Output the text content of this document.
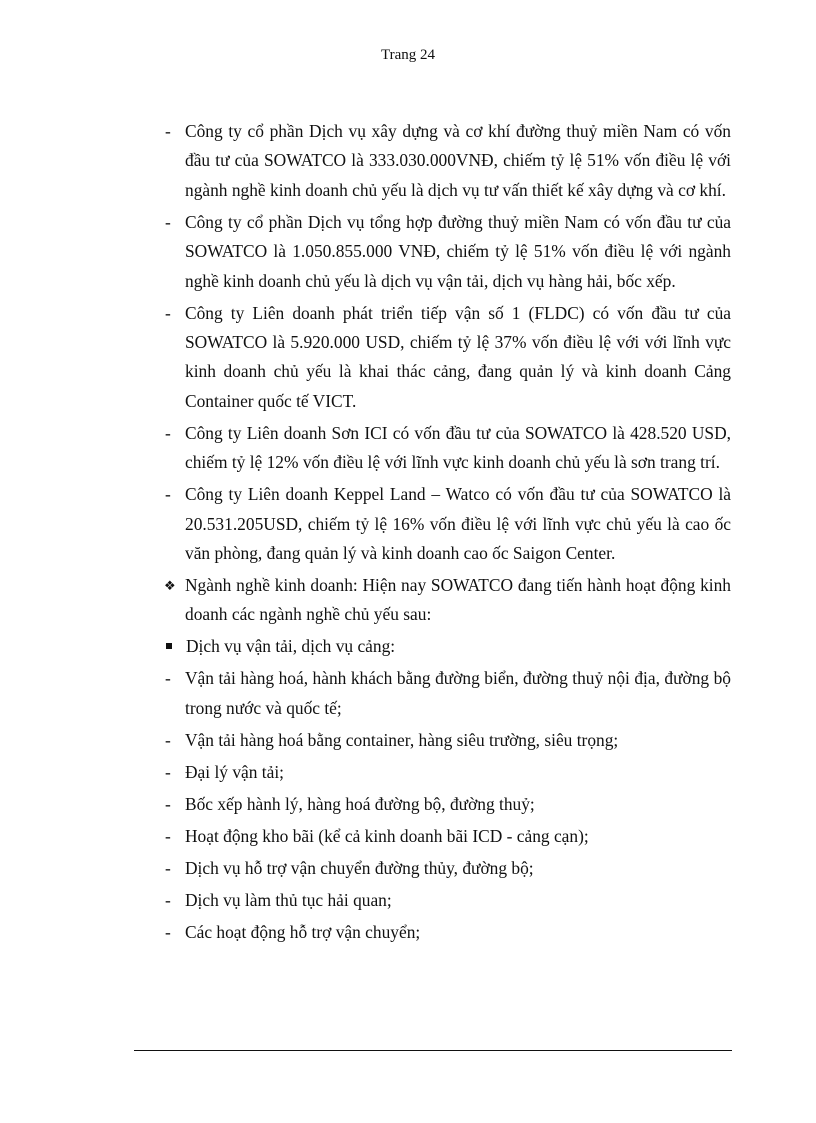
Trang 24
-
Công ty cổ phần Dịch vụ xây dựng và cơ khí đường thuỷ miền Nam có vốn đầu tư của SOWATCO là 333.030.000VNĐ, chiếm tỷ lệ 51% vốn điều lệ với ngành nghề kinh doanh chủ yếu là dịch vụ tư vấn thiết kế xây dựng và cơ khí.
-
Công ty cổ phần Dịch vụ tổng hợp đường thuỷ miền Nam có vốn đầu tư của SOWATCO là 1.050.855.000 VNĐ, chiếm tỷ lệ 51% vốn điều lệ với ngành nghề kinh doanh chủ yếu là dịch vụ vận tải, dịch vụ hàng hải, bốc xếp.
-
Công ty Liên doanh phát triển tiếp vận số 1 (FLDC) có vốn đầu tư của SOWATCO là 5.920.000 USD, chiếm tỷ lệ 37% vốn điều lệ với với lĩnh vực kinh doanh chủ yếu là khai thác cảng, đang quản lý và kinh doanh Cảng Container quốc tế VICT.
-
Công ty Liên doanh Sơn ICI có vốn đầu tư của SOWATCO là 428.520 USD, chiếm tỷ lệ 12% vốn điều lệ với lĩnh vực kinh doanh chủ yếu là sơn trang trí.
-
Công ty Liên doanh Keppel Land – Watco có vốn đầu tư của SOWATCO là 20.531.205USD, chiếm tỷ lệ 16% vốn điều lệ với lĩnh vực chủ yếu là cao ốc văn phòng, đang quản lý và kinh doanh cao ốc Saigon Center.
❖ Ngành nghề kinh doanh: Hiện nay SOWATCO đang tiến hành hoạt động kinh doanh các ngành nghề chủ yếu sau:
Dịch vụ vận tải, dịch vụ cảng:
-
Vận tải hàng hoá, hành khách bằng đường biển, đường thuỷ nội địa, đường bộ trong nước và quốc tế;
-
Vận tải hàng hoá bằng container, hàng siêu trường, siêu trọng;
-
Đại lý vận tải;
-
Bốc xếp hành lý, hàng hoá đường bộ, đường thuỷ;
-
Hoạt động kho bãi (kể cả kinh doanh bãi ICD - cảng cạn);
-
Dịch vụ hỗ trợ vận chuyển đường thủy, đường bộ;
-
Dịch vụ làm thủ tục hải quan;
-
Các hoạt động hỗ trợ vận chuyển;
